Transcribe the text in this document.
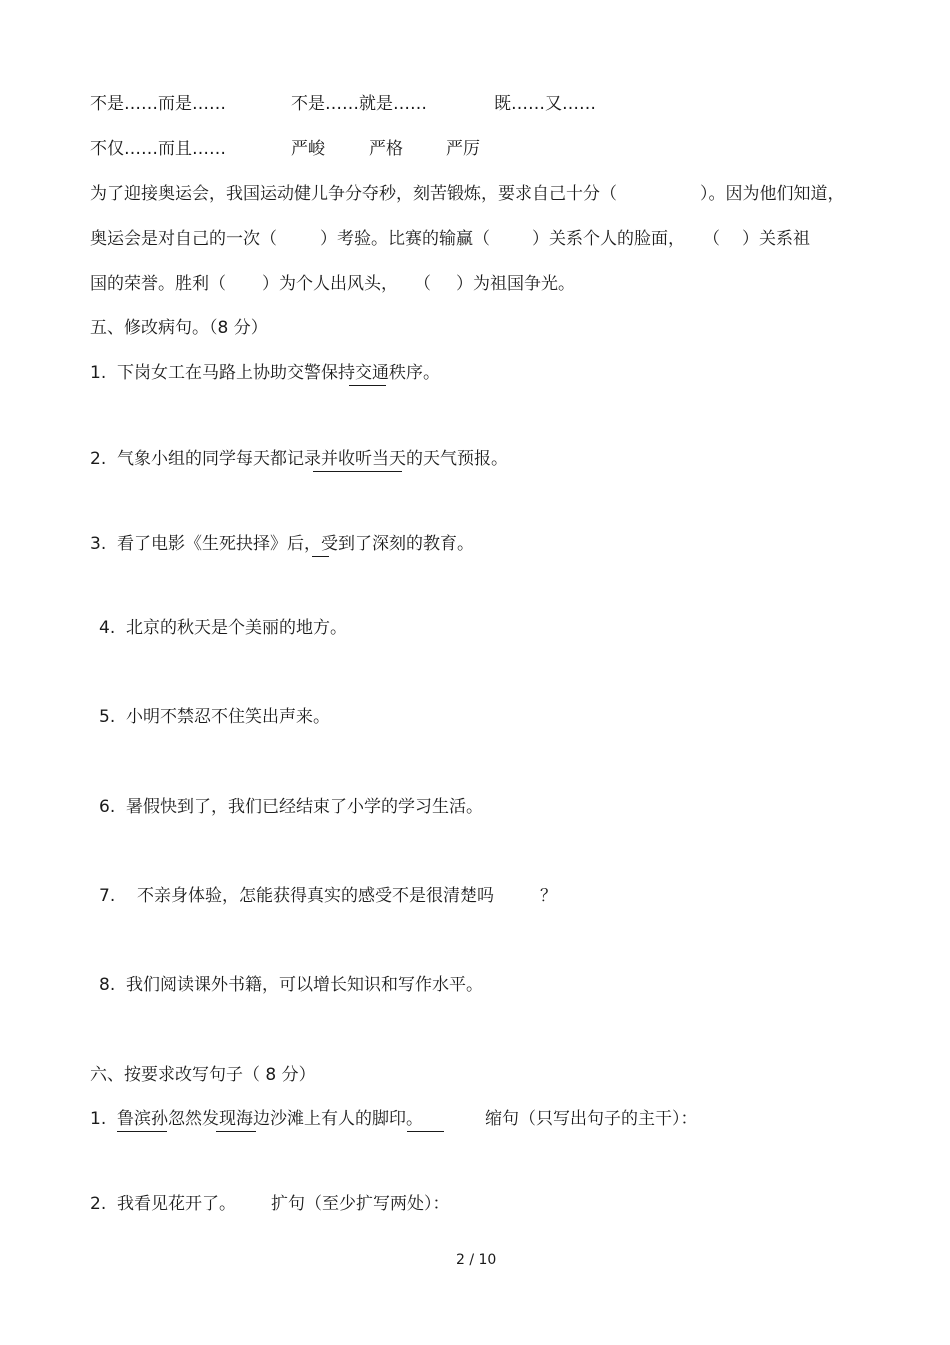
不是……而是……	不是……就是……	既……又……
不仅……而且……	严峻	严格	严厉
为了迎接奥运会，我国运动健儿争分夺秒，刻苦锻炼，要求自己十分（	）。因为他们知道，
奥运会是对自己的一次（	）考验。比赛的输赢（ ）关系个人的脸面， （ ）关系祖
国的荣誉。胜利（ ）为个人出风头， （ ）为祖国争光。
五、修改病句。（8 分）
1. 下岗女工在马路上协助交警保持交通秩序。
2. 气象小组的同学每天都记录并收听当天的天气预报。
3. 看了电影《生死抉择》后，受到了深刻的教育。
4. 北京的秋天是个美丽的地方。
5. 小明不禁忍不住笑出声来。
6. 暑假快到了，我们已经结束了小学的学习生活。
7. 不亲身体验，怎能获得真实的感受不是很清楚吗	？
8. 我们阅读课外书籍，可以增长知识和写作水平。
六、按要求改写句子（ 8 分）
1. 鲁滨孙忽然发现海边沙滩上有人的脚印。	缩句（只写出句子的主干）：
2. 我看见花开了。 扩句（至少扩写两处）：
2 / 10
